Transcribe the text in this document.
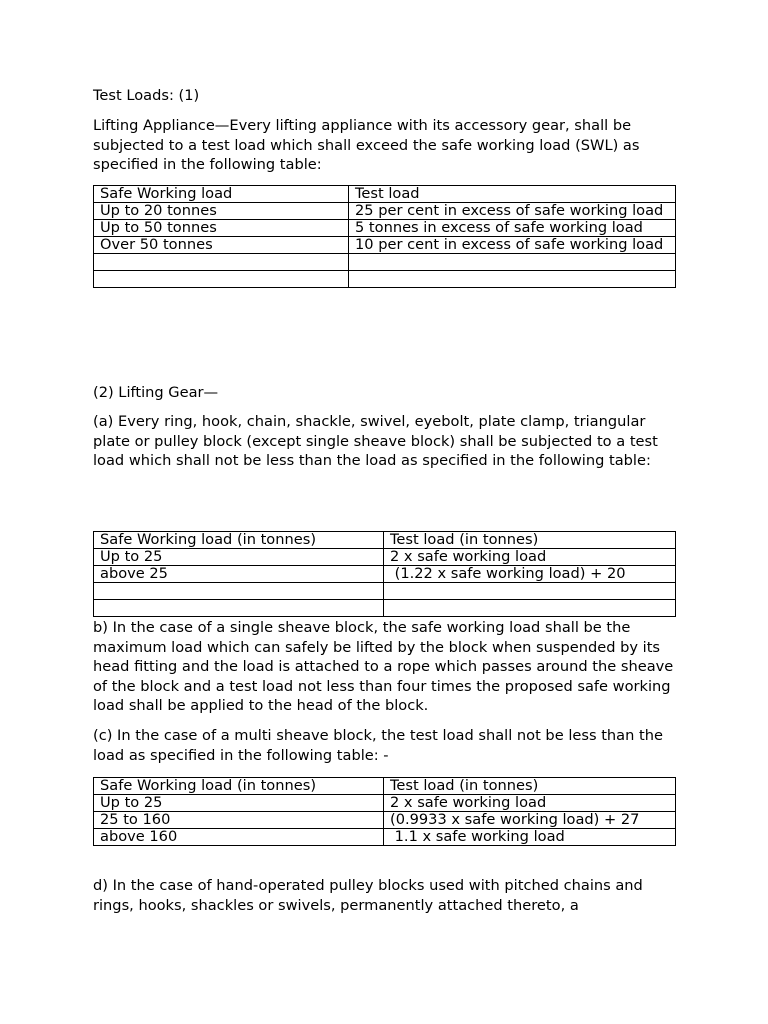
Test Loads: (1)

Lifting Appliance—Every lifting appliance with its accessory gear, shall be subjected to a test load which shall exceed the safe working load (SWL) as specified in the following table:

Safe Working load	Test load
Up to 20 tonnes	25 per cent in excess of safe working load
Up to 50 tonnes	5 tonnes in excess of safe working load
Over 50 tonnes	10 per cent in excess of safe working load

(2) Lifting Gear—

(a) Every ring, hook, chain, shackle, swivel, eyebolt, plate clamp, triangular plate or pulley block (except single sheave block) shall be subjected to a test load which shall not be less than the load as specified in the following table:

Safe Working load (in tonnes)	Test load (in tonnes)
Up to 25	2 x safe working load
above 25	(1.22 x safe working load) + 20

b) In the case of a single sheave block, the safe working load shall be the maximum load which can safely be lifted by the block when suspended by its head fitting and the load is attached to a rope which passes around the sheave of the block and a test load not less than four times the proposed safe working load shall be applied to the head of the block.

(c) In the case of a multi sheave block, the test load shall not be less than the load as specified in the following table: -

Safe Working load (in tonnes)	Test load (in tonnes)
Up to 25	2 x safe working load
25 to 160	(0.9933 x safe working load) + 27
above 160	1.1 x safe working load

d) In the case of hand-operated pulley blocks used with pitched chains and rings, hooks, shackles or swivels, permanently attached thereto, a
